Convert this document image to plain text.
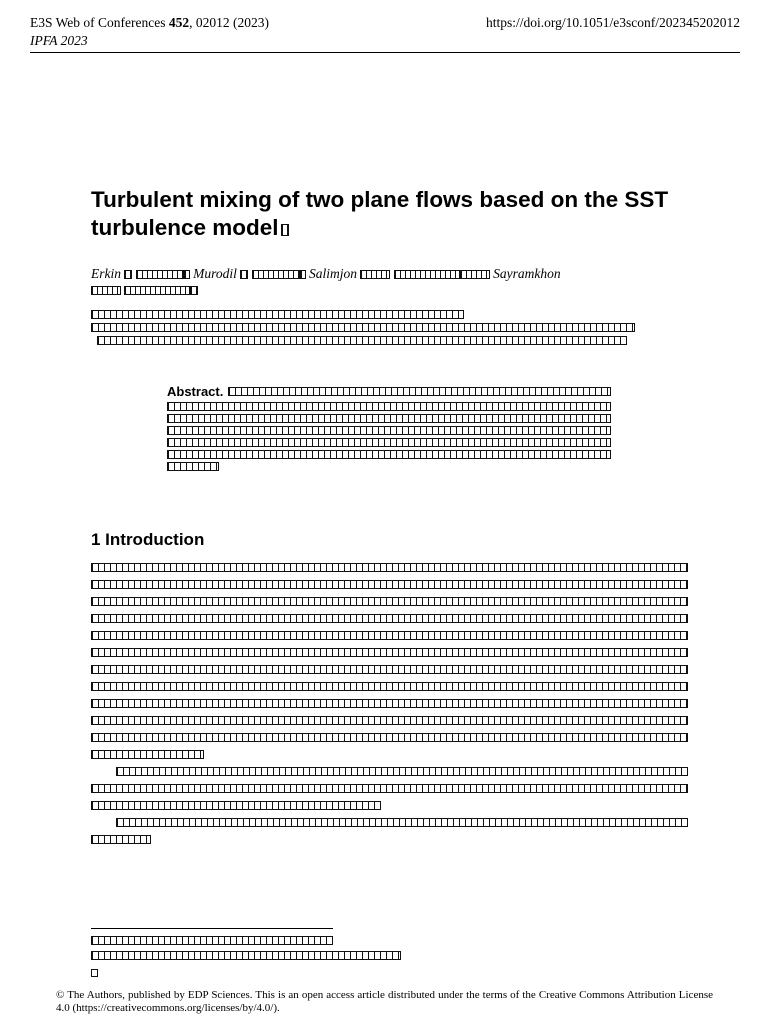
E3S Web of Conferences 452, 02012 (2023)
IPFA 2023
https://doi.org/10.1051/e3sconf/202345202012
Turbulent mixing of two plane flows based on the SST turbulence model
Erkin	Murodil	Salimjon	Sayramkhon

Abstract.
1 Introduction
© The Authors, published by EDP Sciences. This is an open access article distributed under the terms of the Creative Commons Attribution License 4.0 (https://creativecommons.org/licenses/by/4.0/).
